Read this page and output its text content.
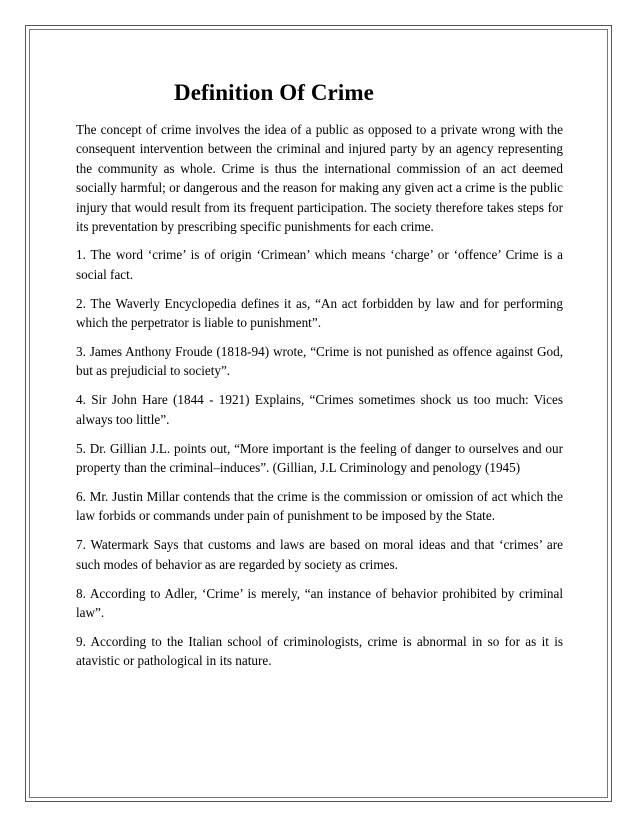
Definition Of Crime

The concept of crime involves the idea of a public as opposed to a private wrong with the consequent intervention between the criminal and injured party by an agency representing the community as whole. Crime is thus the international commission of an act deemed socially harmful; or dangerous and the reason for making any given act a crime is the public injury that would result from its frequent participation. The society therefore takes steps for its preventation by prescribing specific punishments for each crime.

1. The word ‘crime’ is of origin ‘Crimean’ which means ‘charge’ or ‘offence’ Crime is a social fact.

2. The Waverly Encyclopedia defines it as, “An act forbidden by law and for performing which the perpetrator is liable to punishment”.

3. James Anthony Froude (1818-94) wrote, “Crime is not punished as offence against God, but as prejudicial to society”.

4. Sir John Hare (1844 - 1921) Explains, “Crimes sometimes shock us too much: Vices always too little”.

5. Dr. Gillian J.L. points out, “More important is the feeling of danger to ourselves and our property than the criminal–induces”. (Gillian, J.L Criminology and penology (1945)

6. Mr. Justin Millar contends that the crime is the commission or omission of act which the law forbids or commands under pain of punishment to be imposed by the State.

7. Watermark Says that customs and laws are based on moral ideas and that ‘crimes’ are such modes of behavior as are regarded by society as crimes.

8. According to Adler, ‘Crime’ is merely, “an instance of behavior prohibited by criminal law”.

9. According to the Italian school of criminologists, crime is abnormal in so for as it is atavistic or pathological in its nature.
